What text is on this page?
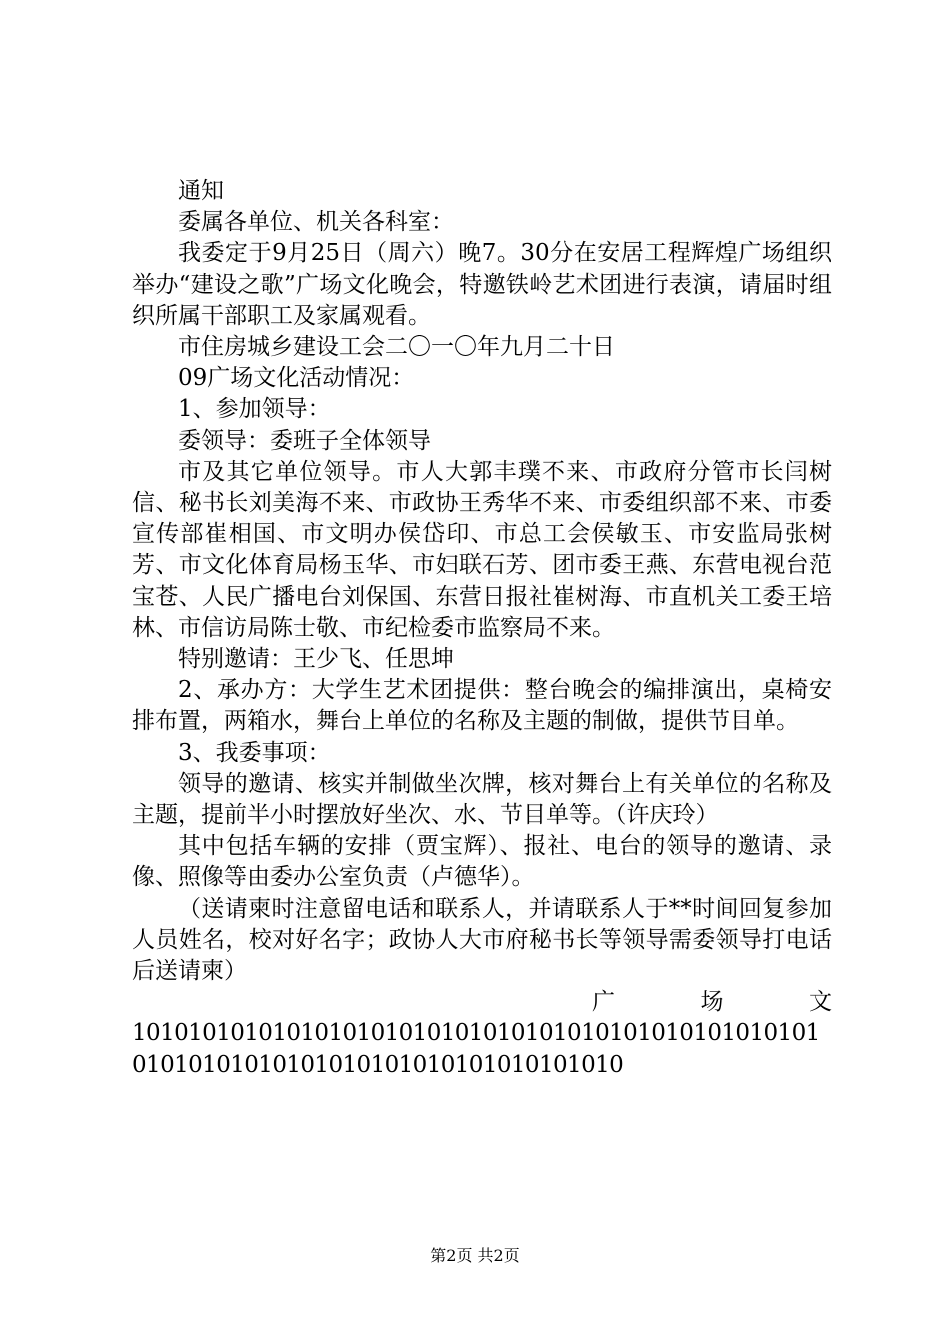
通知

委属各单位、机关各科室：

我委定于9月25日（周六）晚7。30分在安居工程辉煌广场组织举办“建设之歌”广场文化晚会，特邀铁岭艺术团进行表演，请届时组织所属干部职工及家属观看。

市住房城乡建设工会二〇一〇年九月二十日

09广场文化活动情况：

1、参加领导：

委领导：委班子全体领导

市及其它单位领导。市人大郭丰璞不来、市政府分管市长闫树信、秘书长刘美海不来、市政协王秀华不来、市委组织部不来、市委宣传部崔相国、市文明办侯岱印、市总工会侯敏玉、市安监局张树芳、市文化体育局杨玉华、市妇联石芳、团市委王燕、东营电视台范宝苍、人民广播电台刘保国、东营日报社崔树海、市直机关工委王培林、市信访局陈士敬、市纪检委市监察局不来。

特别邀请：王少飞、任思坤

2、承办方：大学生艺术团提供：整台晚会的编排演出，桌椅安排布置，两箱水，舞台上单位的名称及主题的制做，提供节目单。

3、我委事项：

领导的邀请、核实并制做坐次牌，核对舞台上有关单位的名称及主题，提前半小时摆放好坐次、水、节目单等。（许庆玲）

其中包括车辆的安排（贾宝辉）、报社、电台的领导的邀请、录像、照像等由委办公室负责（卢德华）。

（送请柬时注意留电话和联系人，并请联系人于**时间回复参加人员姓名，校对好名字；政协人大市府秘书长等领导需委领导打电话后送请柬）

广	场	文

101010101010101010101010101010101010101010101010101010101010101010101010101010101010

第2页 共2页
